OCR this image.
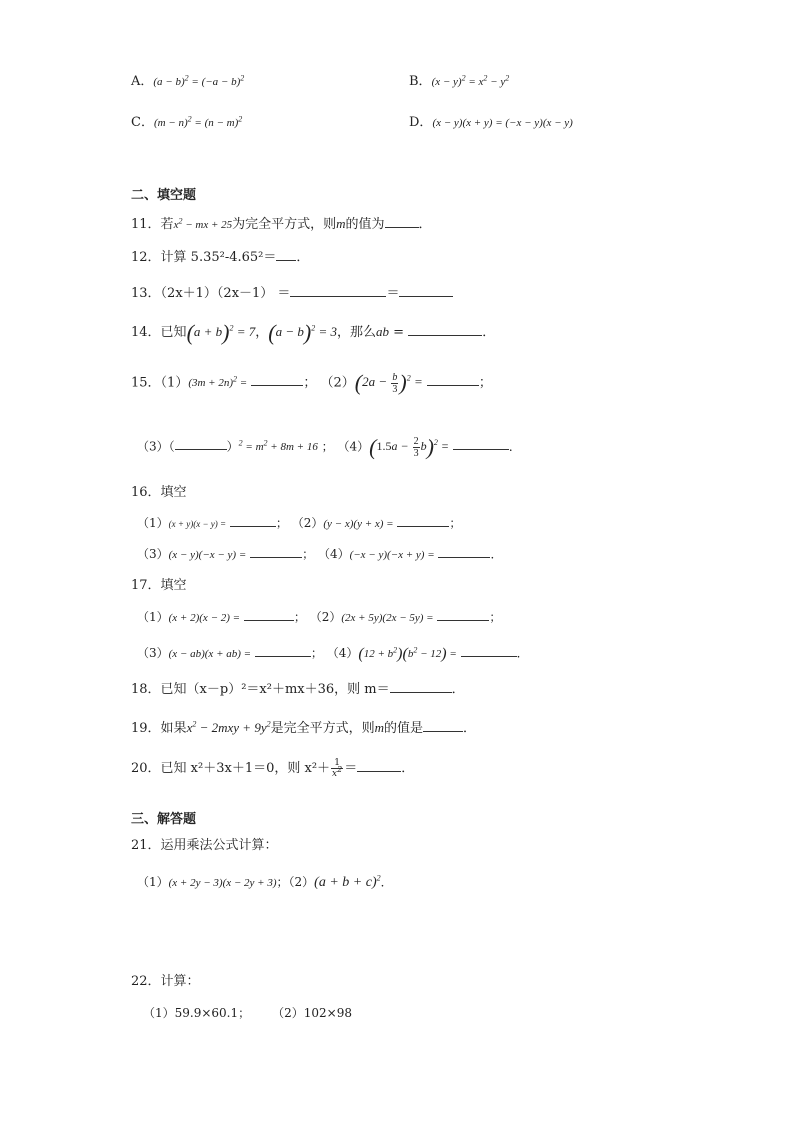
A．$(a - b)^2 = (-a - b)^2$	B．$(x - y)^2 = x^2 - y^2$
C．$(m - n)^2 = (n - m)^2$	D．(x − y)(x + y) = (−x − y)(x − y)
二、填空题
11．若$x^2$ − mx + 25为完全平方式，则m的值为	．
12．计算 5.35²-4.65²＝ ．
13．（2x＋1）（2x－1） ＝	＝
14．已知$(a + b)^2 = 7$，$(a - b)^2 = 3$，那么ab =	．
15．$(1)(3m + 2n)^2$ =	； $(2)(2a - \frac{b}{3} )^2$ =	；
（3）（	）$^2 = m^2 + 8m + 16$ ； $(4)(1.5a - \frac{2}{3} b)^2$ =	．
16．填空
（1）(x + y)(x − y) =	； （2）(y − x)(y + x) =	；
（3）(x − y)(−x − y) =	； （4）(−x − y)(−x + y) =	．
17．填空
（1）(x + 2)(x − 2) =	； （2）(2x + 5y)(2x − 5y) =	；
（3）(x − ab)(x + ab) =	； $(4)(12 + b^2)(b^2 - 12)$ =	．
18．已知（x－p）²＝x²＋mx＋36，则 m＝	．
19．如果$x^2 - 2mxy + 9y^2$是完全平方式，则m的值是	．
20．已知 x²＋3x＋1＝0，则 $x^2+ \frac{1}{x^2}$ ＝	．
三、解答题
21．运用乘法公式计算：
（1）(x + 2y − 3)(x − 2y + 3)；$(2)(a + b + c)^2$．
22．计算：
（1）59.9×60.1； （2）102×98
